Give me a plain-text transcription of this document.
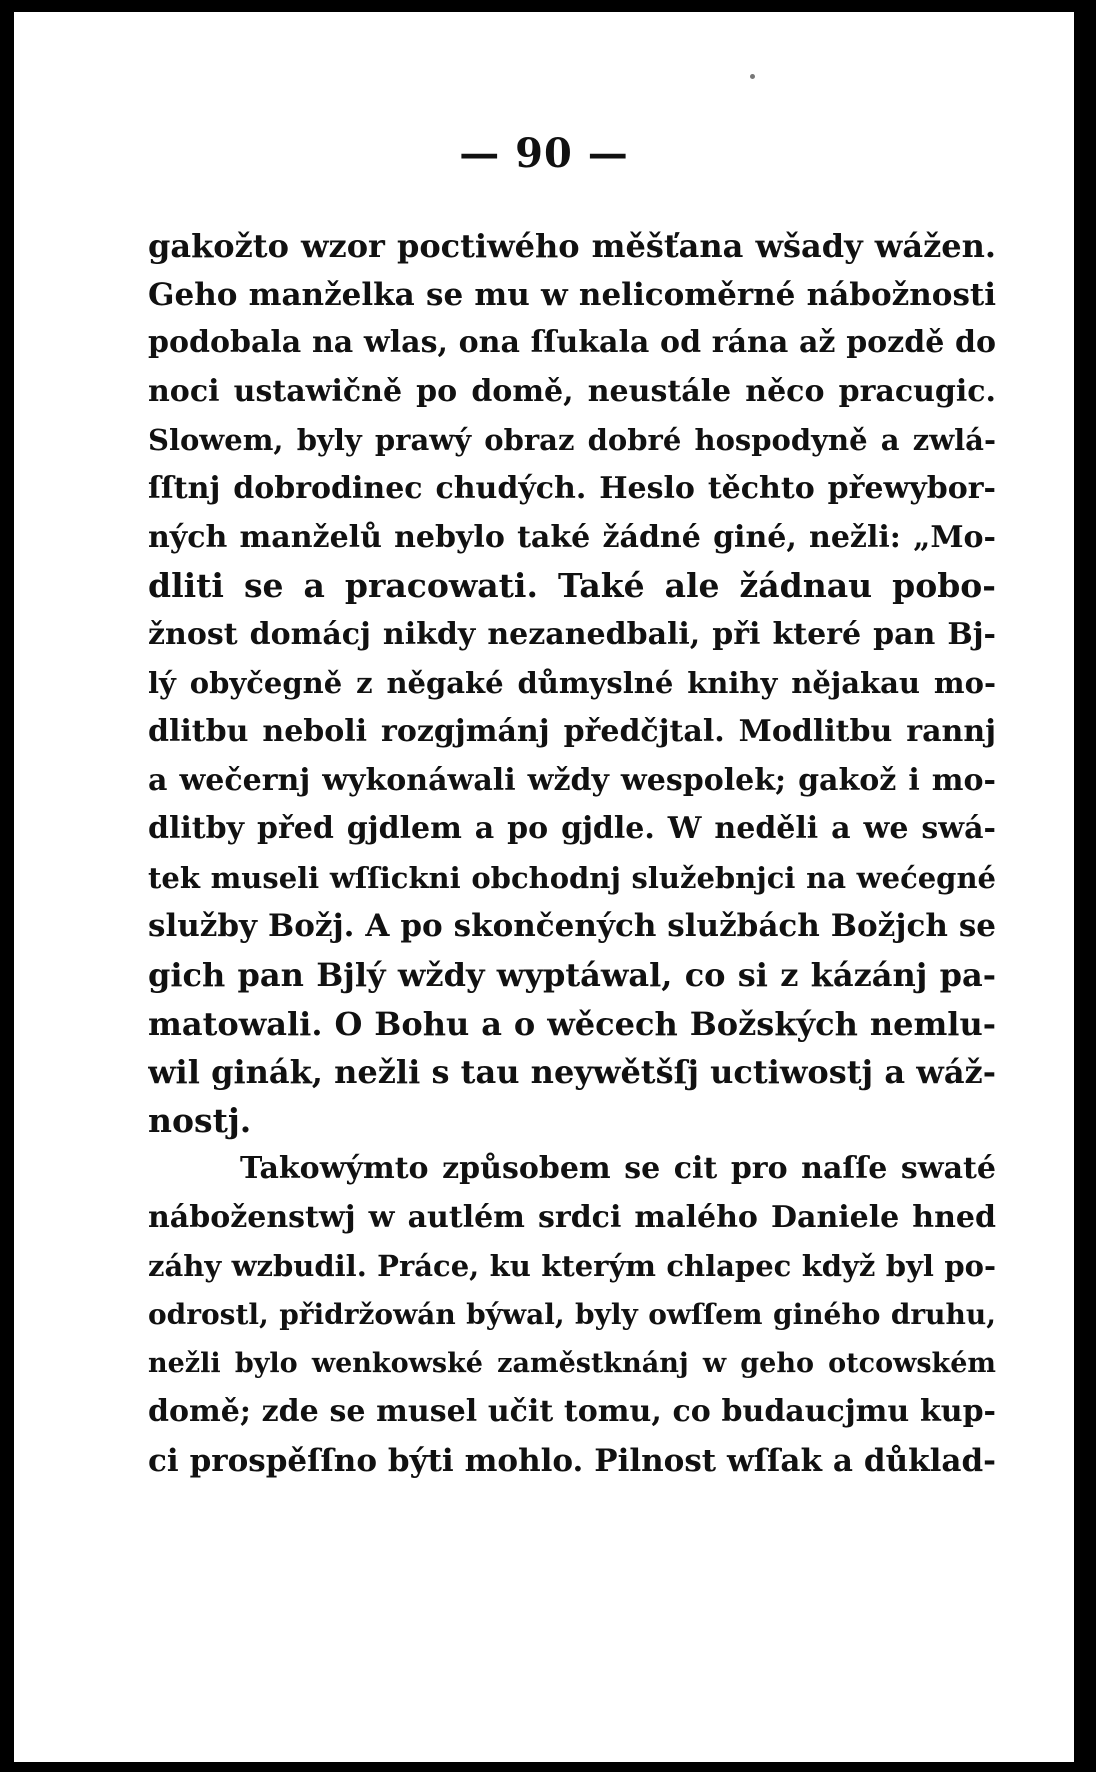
— 90 —
gakožto wzor poctiwého měšťana wšady wážen.
Geho manželka se mu w nelicoměrné nábožnosti
podobala na wlas, ona ſſukala od rána až pozdě do
noci ustawičně po domě, neustále něco pracugic.
Slowem, byly prawý obraz dobré hospodyně a zwlá-
ſſtnj dobrodinec chudých. Heslo těchto přewybor-
ných manželů nebylo také žádné giné, nežli: „Mo-
dliti se a pracowati. Také ale žádnau pobo-
žnost domácj nikdy nezanedbali, při které pan Bj-
lý obyčegně z něgaké důmyslné knihy nějakau mo-
dlitbu neboli rozgjmánj předčjtal. Modlitbu rannj
a wečernj wykonáwali wždy wespolek; gakož i mo-
dlitby před gjdlem a po gjdle. W neděli a we swá-
tek museli wſſickni obchodnj služebnjci na wećegné
služby Božj. A po skončených službách Božjch se
gich pan Bjlý wždy wyptáwal, co si z kázánj pa-
matowali. O Bohu a o wěcech Božských nemlu-
wil ginák, nežli s tau neywětšſj uctiwostj a wáž-
nostj.
Takowýmto způsobem se cit pro naſſe swaté
náboženstwj w autlém srdci malého Daniele hned
záhy wzbudil. Práce, ku kterým chlapec když byl po-
odrostl, přidržowán býwal, byly owſſem giného druhu,
nežli bylo wenkowské zaměstknánj w geho otcowském
domě; zde se musel učit tomu, co budaucjmu kup-
ci prospěſſno býti mohlo. Pilnost wſſak a důklad-
